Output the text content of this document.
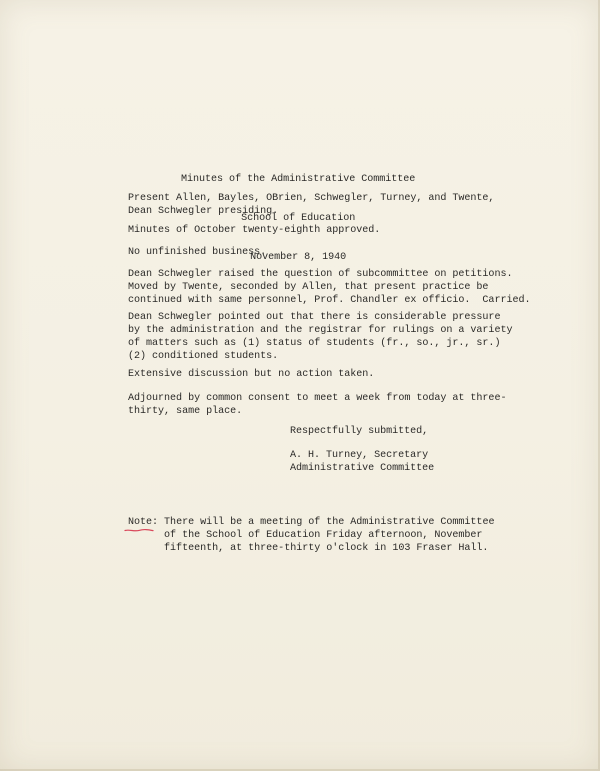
Minutes of the Administrative Committee

School of Education

November 8, 1940

Present Allen, Bayles, OBrien, Schwegler, Turney, and Twente,
Dean Schwegler presiding.
Minutes of October twenty-eighth approved.
No unfinished business.
Dean Schwegler raised the question of subcommittee on petitions.
Moved by Twente, seconded by Allen, that present practice be
continued with same personnel, Prof. Chandler ex officio.  Carried.
Dean Schwegler pointed out that there is considerable pressure
by the administration and the registrar for rulings on a variety
of matters such as (1) status of students (fr., so., jr., sr.)
(2) conditioned students.
Extensive discussion but no action taken.
Adjourned by common consent to meet a week from today at three-
thirty, same place.
Respectfully submitted,
A. H. Turney, Secretary
Administrative Committee
Note: There will be a meeting of the Administrative Committee
of the School of Education Friday afternoon, November
fifteenth, at three-thirty o'clock in 103 Fraser Hall.
